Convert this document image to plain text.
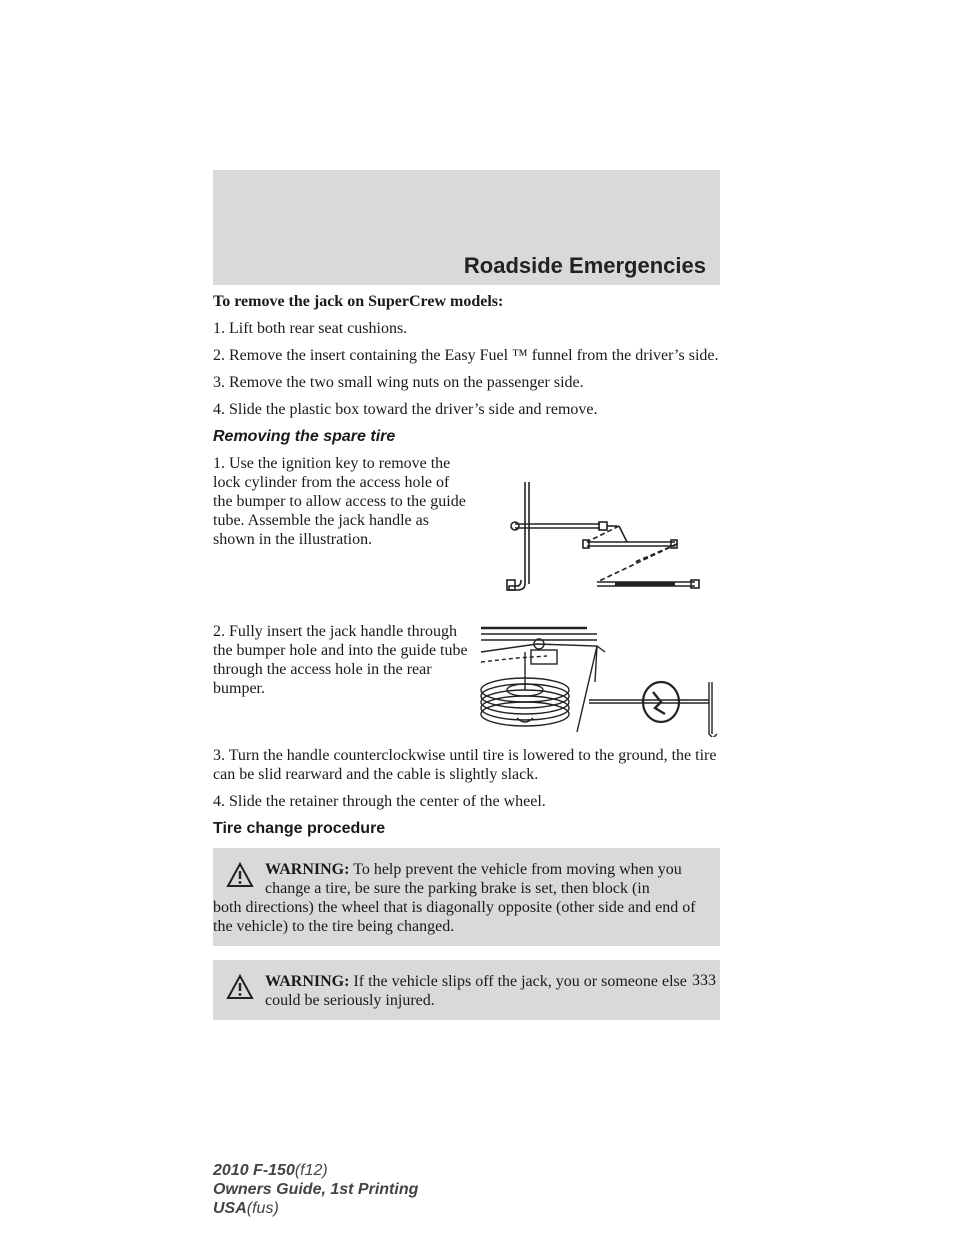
Roadside Emergencies

To remove the jack on SuperCrew models:

1. Lift both rear seat cushions.

2. Remove the insert containing the Easy Fuel ™ funnel from the driver’s side.

3. Remove the two small wing nuts on the passenger side.

4. Slide the plastic box toward the driver’s side and remove.

Removing the spare tire

1. Use the ignition key to remove the lock cylinder from the access hole of the bumper to allow access to the guide tube. Assemble the jack handle as shown in the illustration.

2. Fully insert the jack handle through the bumper hole and into the guide tube through the access hole in the rear bumper.

3. Turn the handle counterclockwise until tire is lowered to the ground, the tire can be slid rearward and the cable is slightly slack.

4. Slide the retainer through the center of the wheel.

Tire change procedure

WARNING: To help prevent the vehicle from moving when you change a tire, be sure the parking brake is set, then block (in
both directions) the wheel that is diagonally opposite (other side and end of the vehicle) to the tire being changed.
WARNING: If the vehicle slips off the jack, you or someone else could be seriously injured.
333
2010 F-150(f12)
Owners Guide, 1st Printing
USA(fus)
